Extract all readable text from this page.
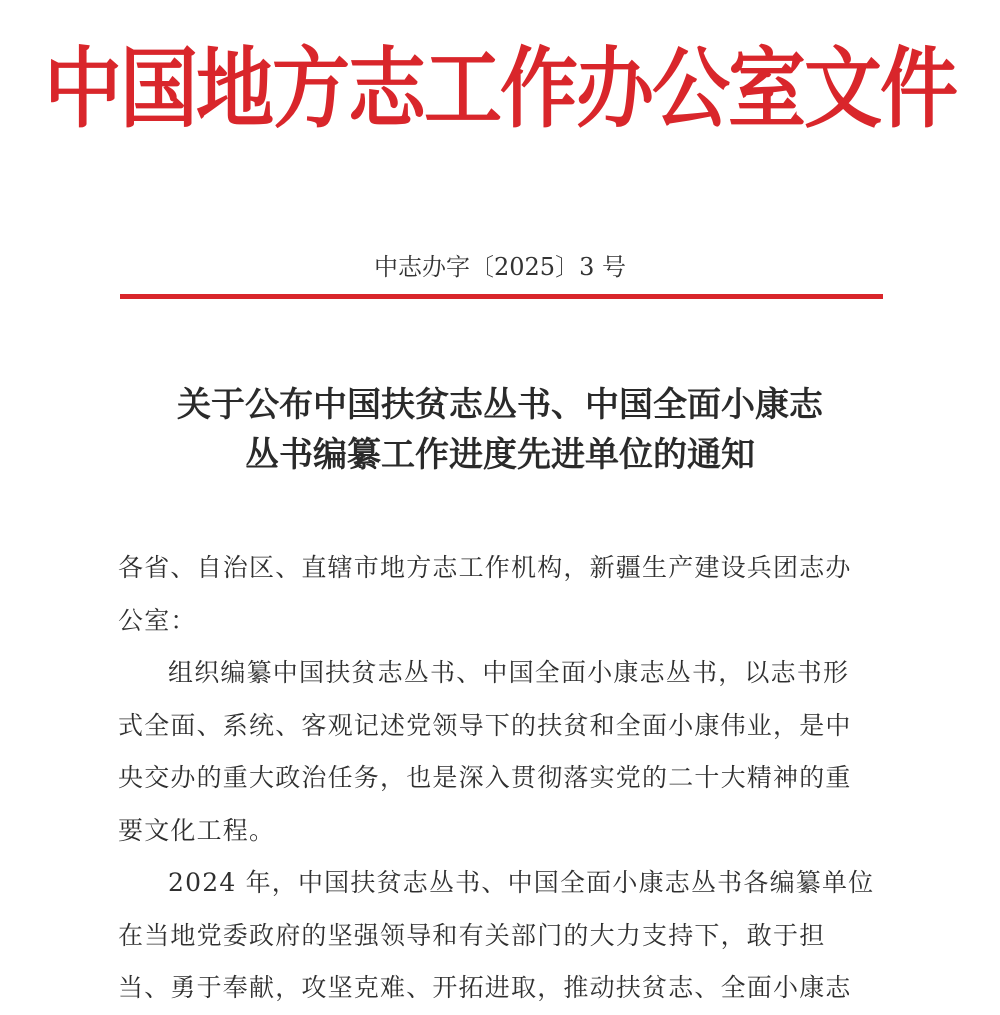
中国地方志工作办公室文件
中志办字〔2025〕3 号
关于公布中国扶贫志丛书、中国全面小康志
丛书编纂工作进度先进单位的通知
各省、自治区、直辖市地方志工作机构，新疆生产建设兵团志办
公室：
组织编纂中国扶贫志丛书、中国全面小康志丛书，以志书形
式全面、系统、客观记述党领导下的扶贫和全面小康伟业，是中
央交办的重大政治任务，也是深入贯彻落实党的二十大精神的重
要文化工程。
2024 年，中国扶贫志丛书、中国全面小康志丛书各编纂单位
在当地党委政府的坚强领导和有关部门的大力支持下，敢于担
当、勇于奉献，攻坚克难、开拓进取，推动扶贫志、全面小康志
